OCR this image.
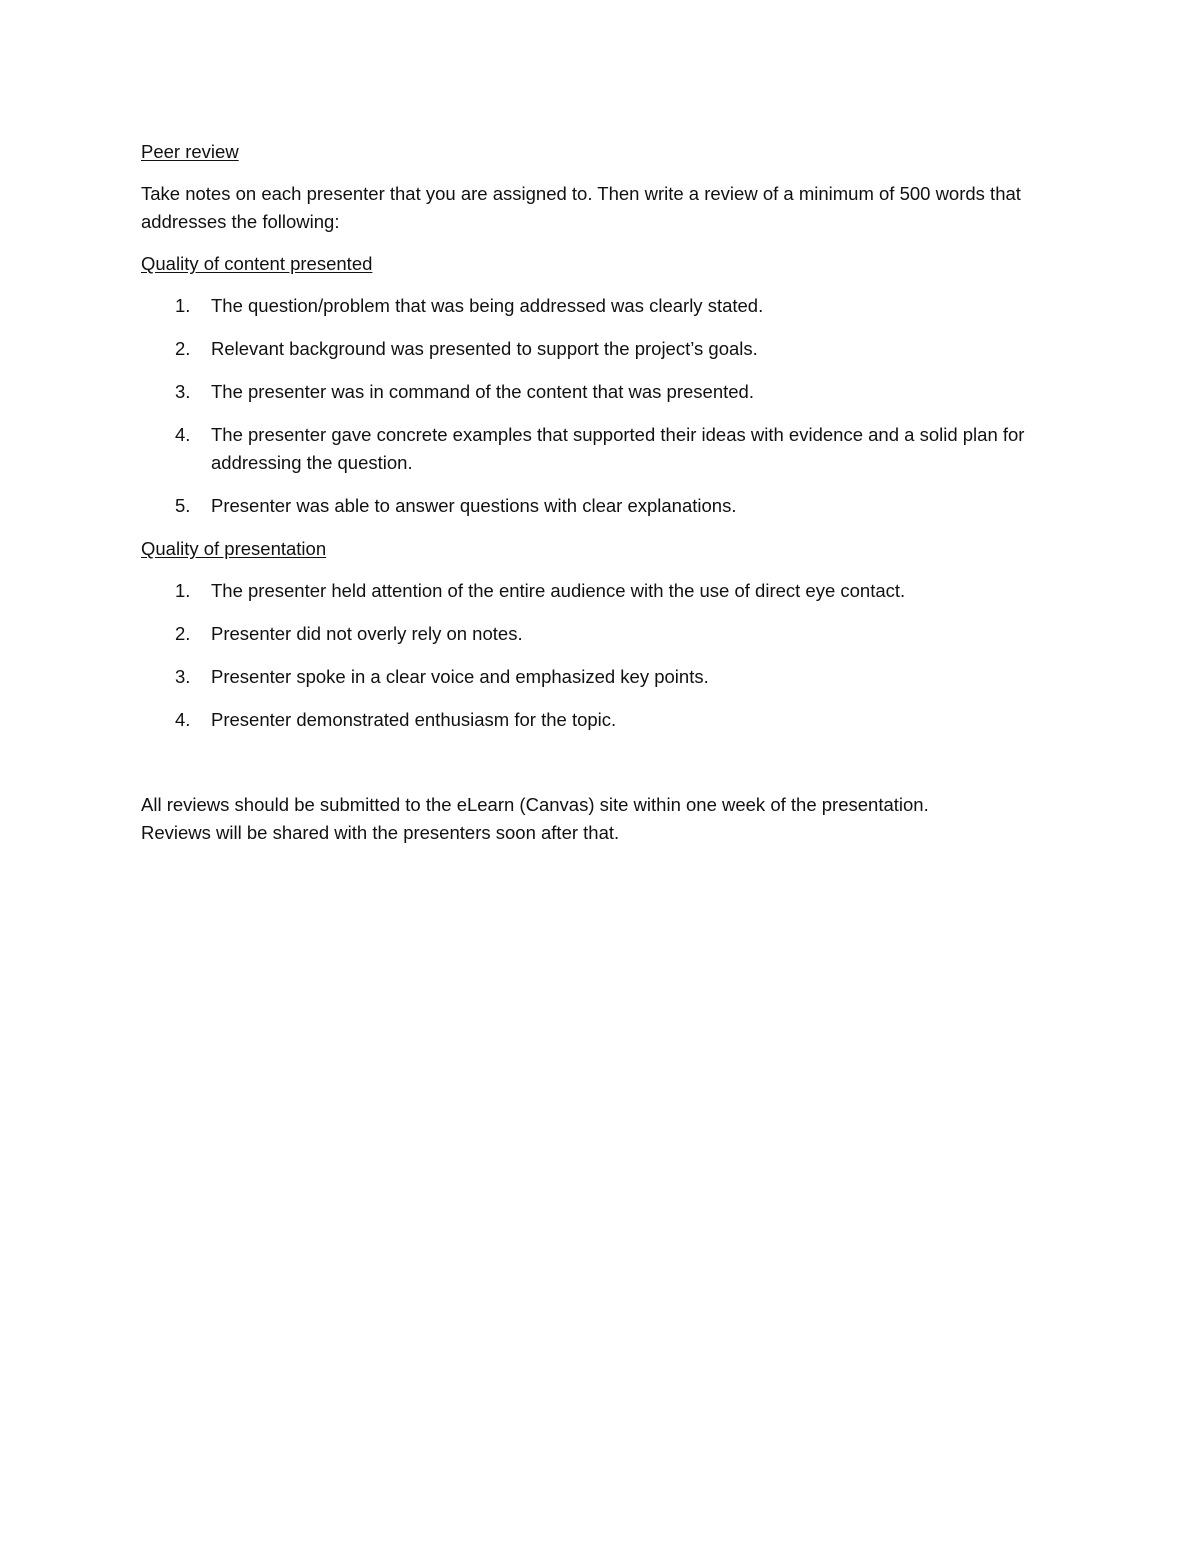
Peer review

Take notes on each presenter that you are assigned to. Then write a review of a minimum of 500 words that addresses the following:

Quality of content presented
1. The question/problem that was being addressed was clearly stated.
2. Relevant background was presented to support the project’s goals.
3. The presenter was in command of the content that was presented.
4. The presenter gave concrete examples that supported their ideas with evidence and a solid plan for addressing the question.
5. Presenter was able to answer questions with clear explanations.
Quality of presentation
1. The presenter held attention of the entire audience with the use of direct eye contact.
2. Presenter did not overly rely on notes.
3. Presenter spoke in a clear voice and emphasized key points.
4. Presenter demonstrated enthusiasm for the topic.

All reviews should be submitted to the eLearn (Canvas) site within one week of the presentation.

Reviews will be shared with the presenters soon after that.
